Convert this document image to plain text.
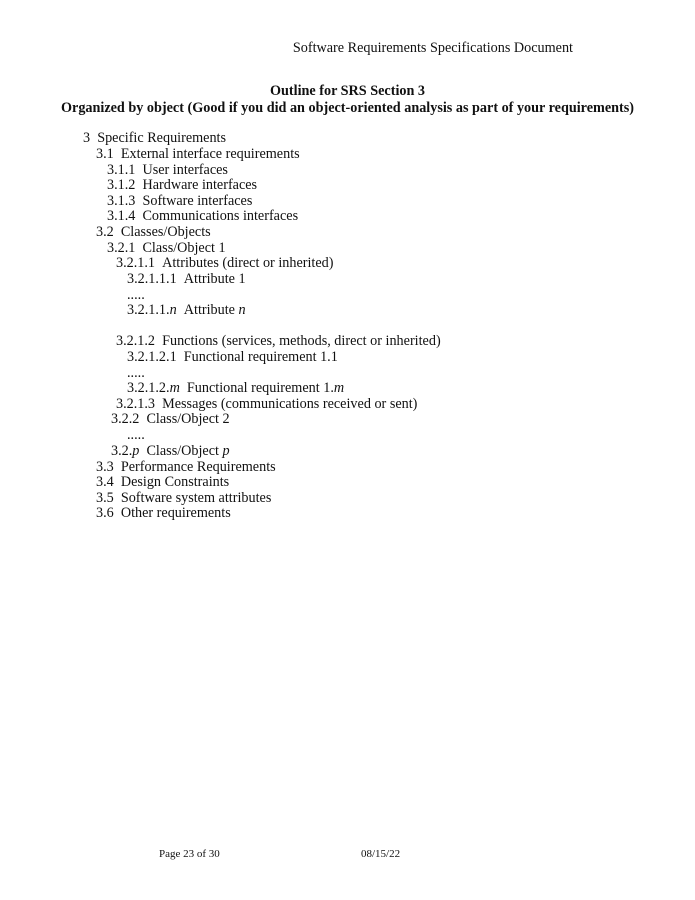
Software Requirements Specifications Document
Outline for SRS Section 3
Organized by object (Good if you did an object-oriented analysis as part of your requirements)
3 Specific Requirements
3.1 External interface requirements
3.1.1 User interfaces
3.1.2 Hardware interfaces
3.1.3 Software interfaces
3.1.4 Communications interfaces
3.2 Classes/Objects
3.2.1 Class/Object 1
3.2.1.1 Attributes (direct or inherited)
3.2.1.1.1 Attribute 1
.....
3.2.1.1.n Attribute n
3.2.1.2 Functions (services, methods, direct or inherited)
3.2.1.2.1 Functional requirement 1.1
.....
3.2.1.2.m Functional requirement 1.m
3.2.1.3 Messages (communications received or sent)
3.2.2 Class/Object 2
.....
3.2.p Class/Object p
3.3 Performance Requirements
3.4 Design Constraints
3.5 Software system attributes
3.6 Other requirements
Page 23 of 30	08/15/22
